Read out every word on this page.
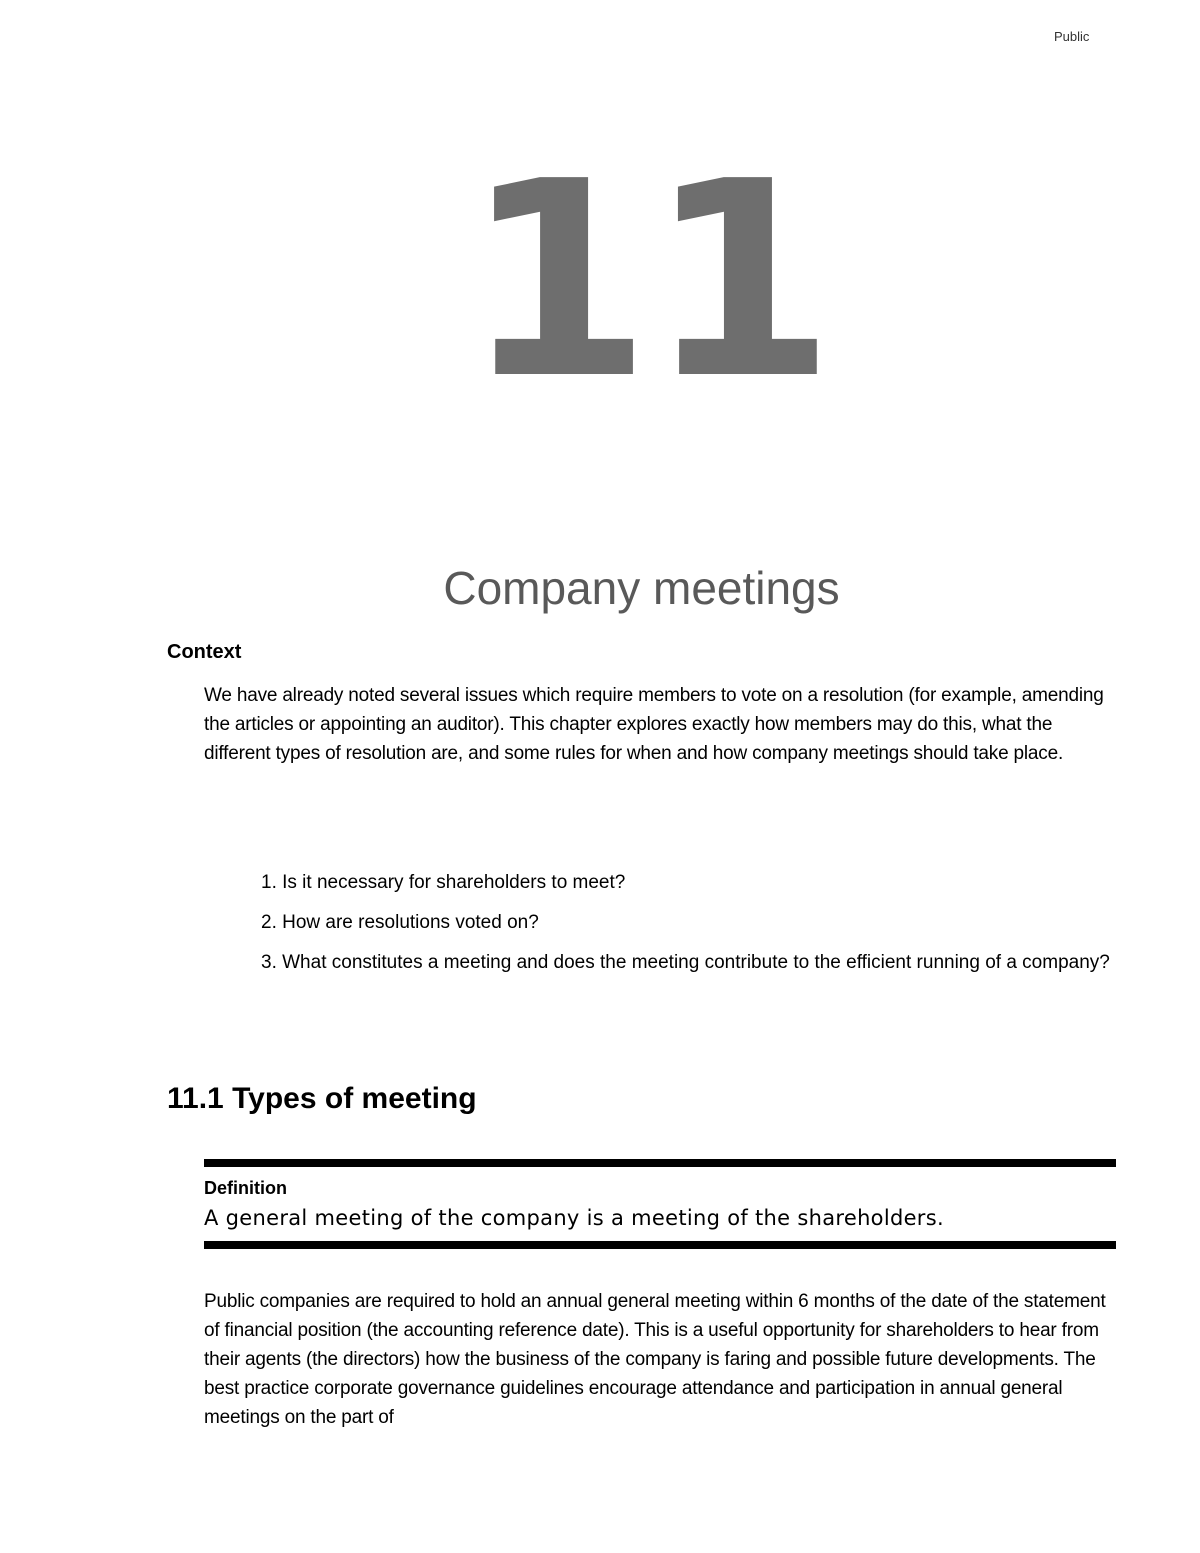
Public
11
Company meetings
Context
We have already noted several issues which require members to vote on a resolution (for example, amending the articles or appointing an auditor). This chapter explores exactly how members may do this, what the different types of resolution are, and some rules for when and how company meetings should take place.
1. Is it necessary for shareholders to meet?
2. How are resolutions voted on?
3. What constitutes a meeting and does the meeting contribute to the efficient running of a company?
11.1 Types of meeting
Definition
A general meeting of the company is a meeting of the shareholders.
Public companies are required to hold an annual general meeting within 6 months of the date of the statement of financial position (the accounting reference date). This is a useful opportunity for shareholders to hear from their agents (the directors) how the business of the company is faring and possible future developments. The best practice corporate governance guidelines encourage attendance and participation in annual general meetings on the part of
